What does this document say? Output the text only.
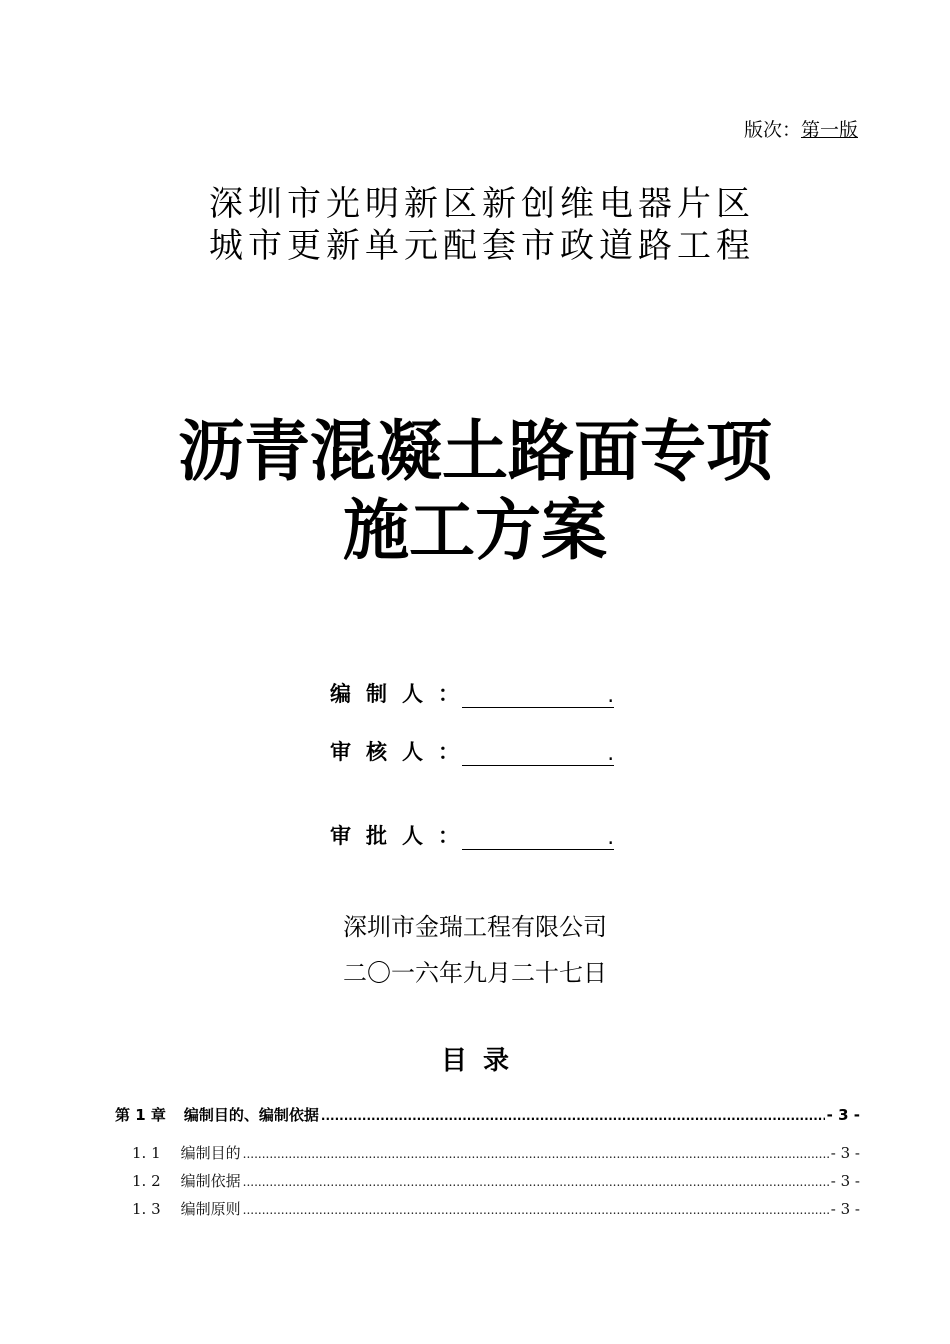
版次：第一版
深圳市光明新区新创维电器片区
城市更新单元配套市政道路工程
沥青混凝土路面专项
施工方案
编制人：	.
审核人：	.
审批人：	.
深圳市金瑞工程有限公司
二〇一六年九月二十七日
目录
第 1 章 编制目的、编制依据 .....	- 3 -
1. 1 编制目的 .....	- 3 -
1. 2 编制依据 .....	- 3 -
1. 3 编制原则 .....	- 3 -
